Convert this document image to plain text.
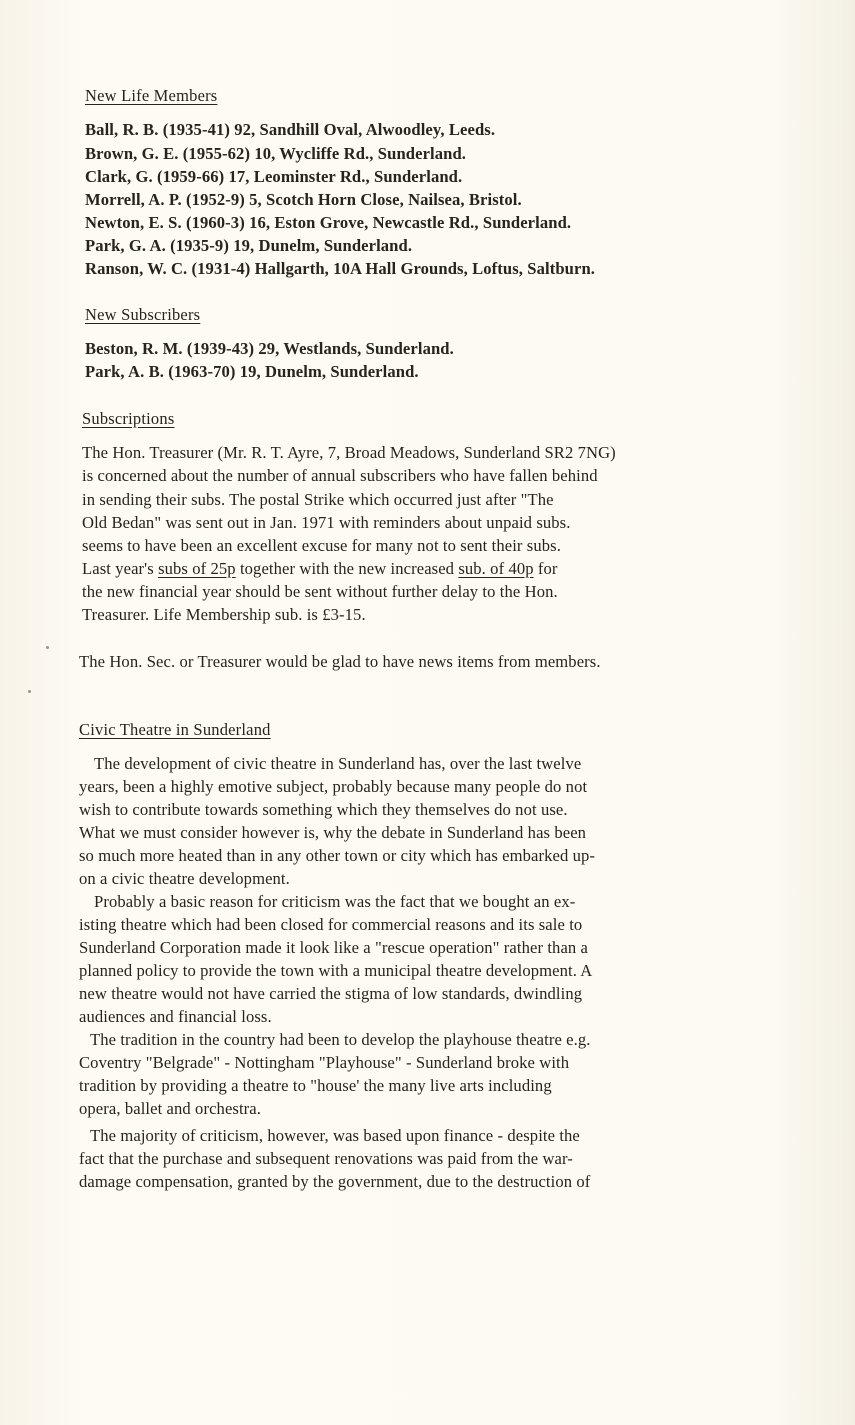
New Life Members
Ball, R. B. (1935-41) 92, Sandhill Oval, Alwoodley, Leeds.
Brown, G. E. (1955-62) 10, Wycliffe Rd., Sunderland.
Clark, G. (1959-66) 17, Leominster Rd., Sunderland.
Morrell, A. P. (1952-9) 5, Scotch Horn Close, Nailsea, Bristol.
Newton, E. S. (1960-3) 16, Eston Grove, Newcastle Rd., Sunderland.
Park, G. A. (1935-9) 19, Dunelm, Sunderland.
Ranson, W. C. (1931-4) Hallgarth, 10A Hall Grounds, Loftus, Saltburn.
New Subscribers
Beston, R. M. (1939-43) 29, Westlands, Sunderland.
Park, A. B. (1963-70) 19, Dunelm, Sunderland.
Subscriptions
The Hon. Treasurer (Mr. R. T. Ayre, 7, Broad Meadows, Sunderland SR2 7NG)
is concerned about the number of annual subscribers who have fallen behind
in sending their subs. The postal Strike which occurred just after "The
Old Bedan" was sent out in Jan. 1971 with reminders about unpaid subs.
seems to have been an excellent excuse for many not to sent their subs.
Last year's subs of 25p together with the new increased sub. of 40p for
the new financial year should be sent without further delay to the Hon.
Treasurer. Life Membership sub. is £3-15.
The Hon. Sec. or Treasurer would be glad to have news items from members.
Civic Theatre in Sunderland
The development of civic theatre in Sunderland has, over the last twelve
years, been a highly emotive subject, probably because many people do not
wish to contribute towards something which they themselves do not use.
What we must consider however is, why the debate in Sunderland has been
so much more heated than in any other town or city which has embarked up-
on a civic theatre development.
Probably a basic reason for criticism was the fact that we bought an ex-
isting theatre which had been closed for commercial reasons and its sale to
Sunderland Corporation made it look like a "rescue operation" rather than a
planned policy to provide the town with a municipal theatre development. A
new theatre would not have carried the stigma of low standards, dwindling
audiences and financial loss.
The tradition in the country had been to develop the playhouse theatre e.g.
Coventry "Belgrade" - Nottingham "Playhouse" - Sunderland broke with
tradition by providing a theatre to "house' the many live arts including
opera, ballet and orchestra.
The majority of criticism, however, was based upon finance - despite the
fact that the purchase and subsequent renovations was paid from the war-
damage compensation, granted by the government, due to the destruction of
